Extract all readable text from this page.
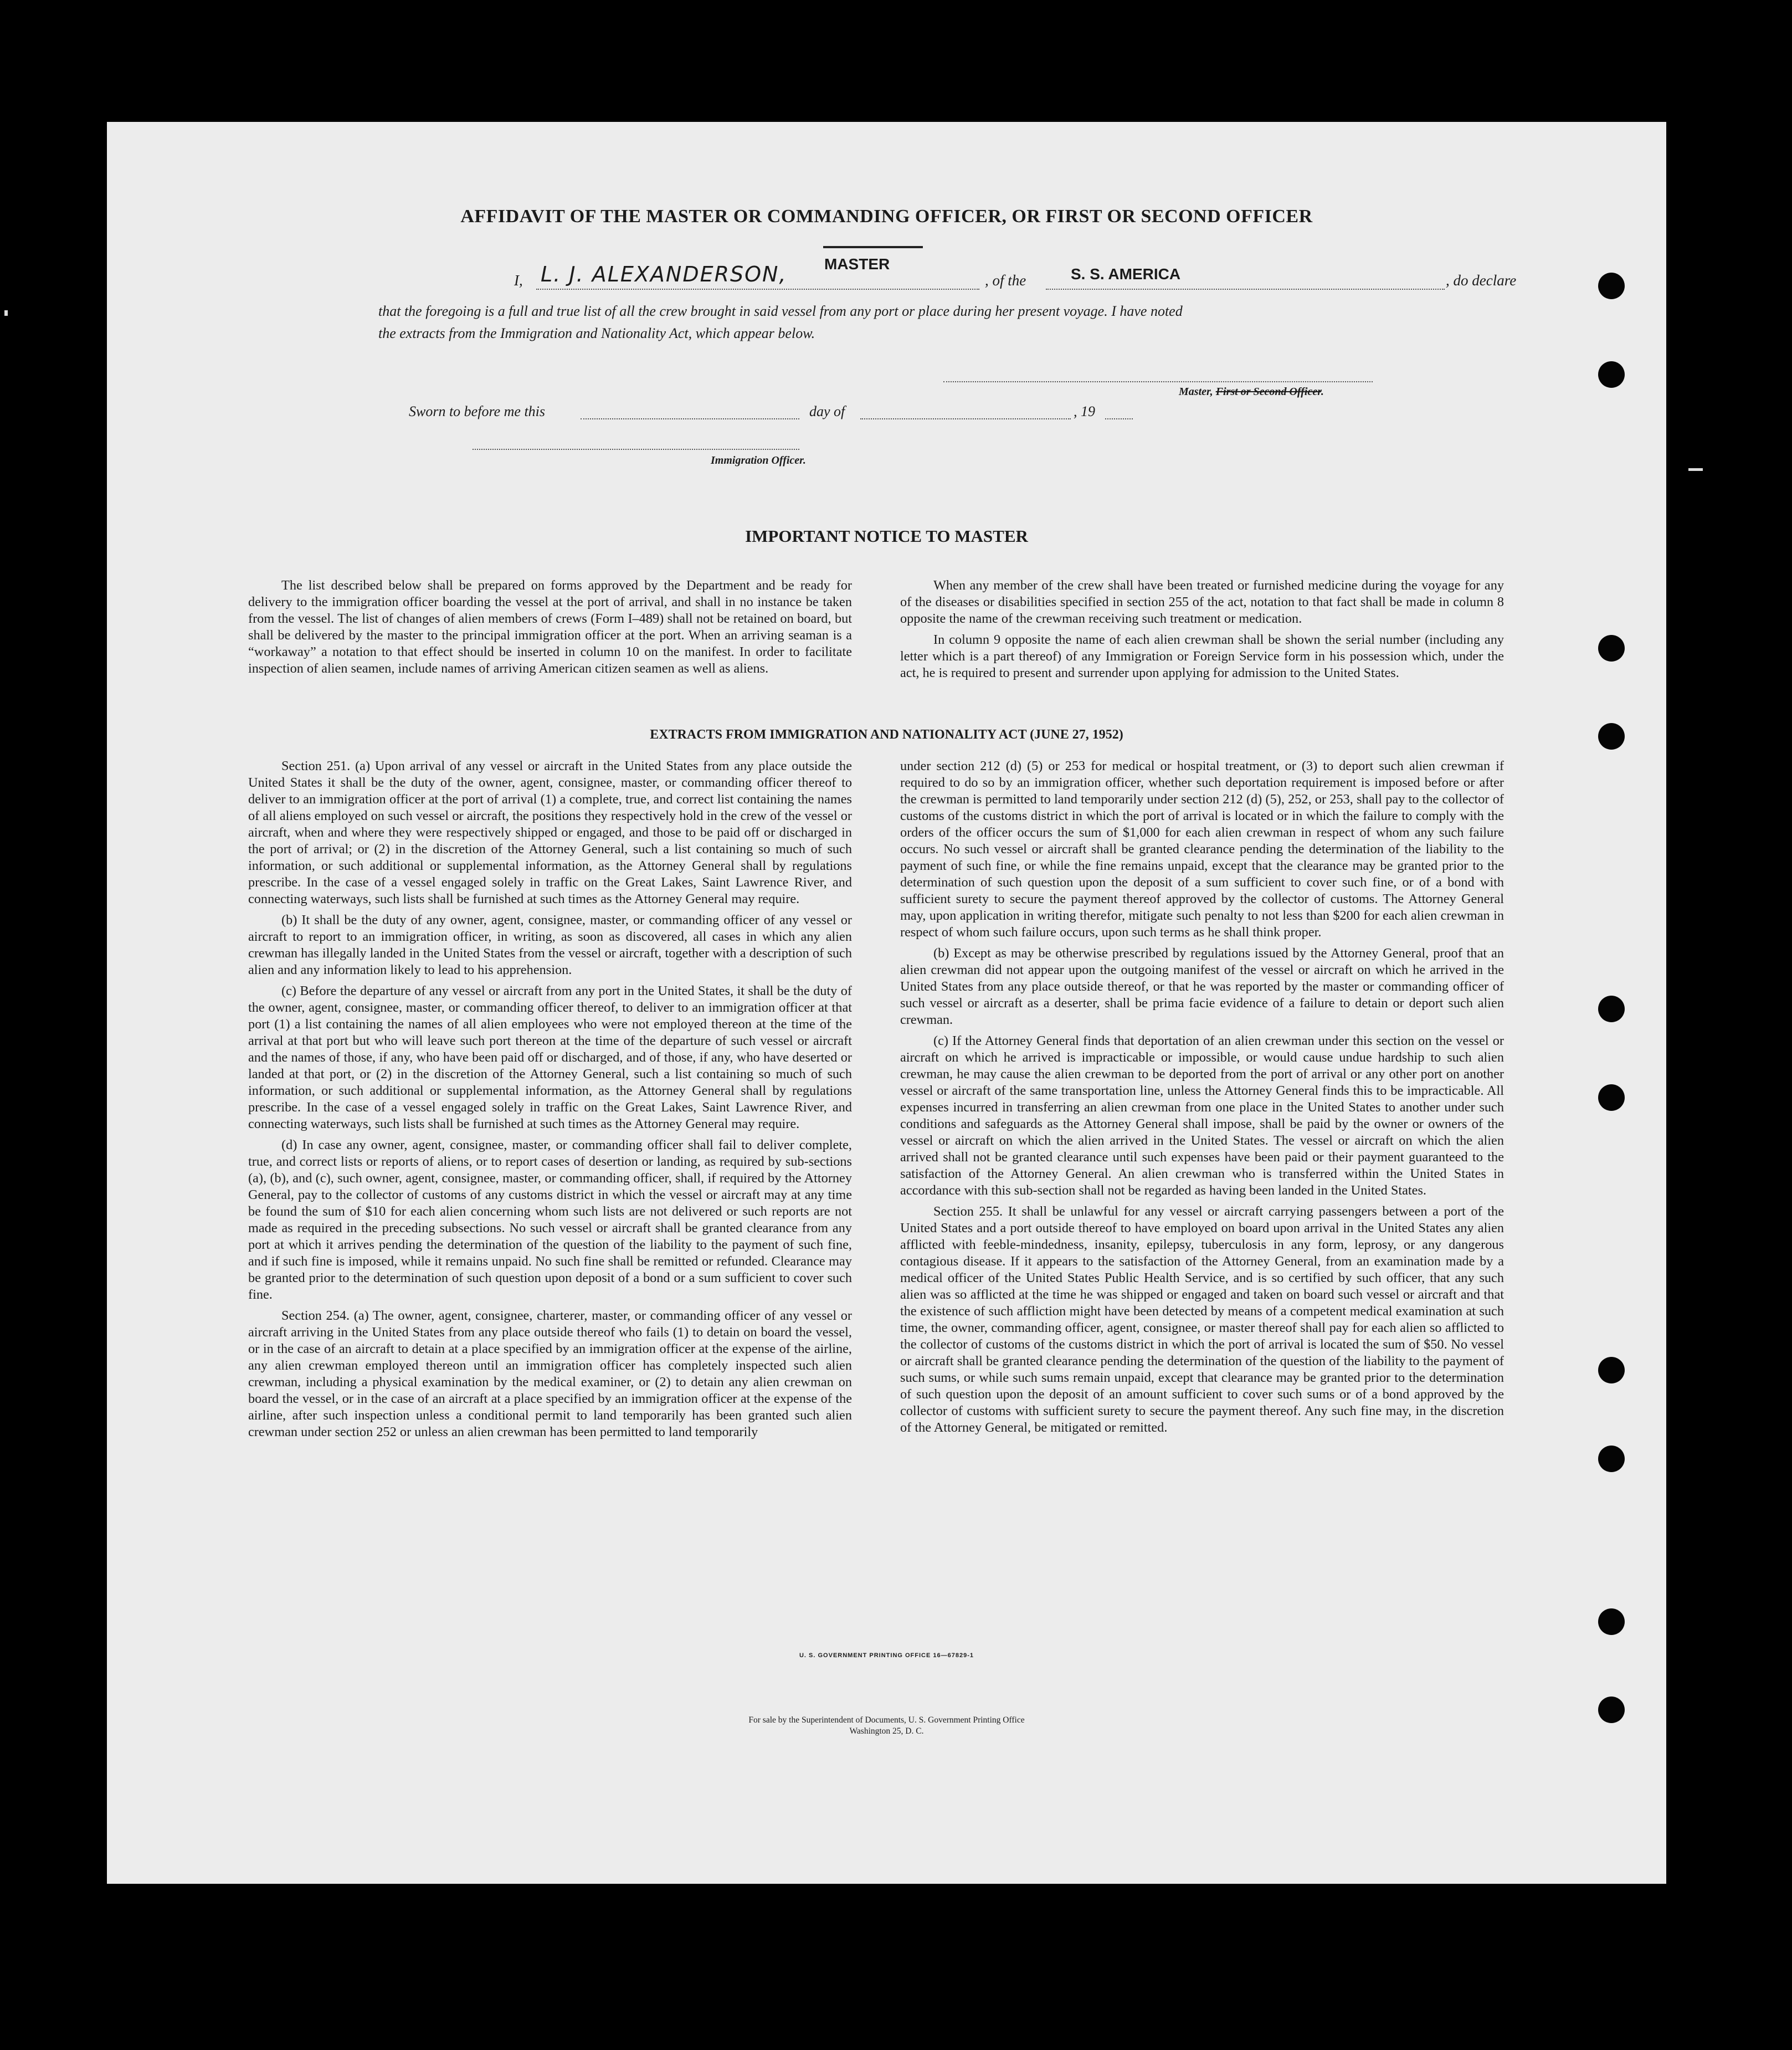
AFFIDAVIT OF THE MASTER OR COMMANDING OFFICER, OR FIRST OR SECOND OFFICER
I, L. J. ALEXANDERSON, MASTER
, of the	S. S. AMERICA	, do declare
that the foregoing is a full and true list of all the crew brought in said vessel from any port or place during her present voyage. I have noted
the extracts from the Immigration and Nationality Act, which appear below.
Master, First or Second Officer.
Sworn to before me this	day of	, 19
Immigration Officer.
IMPORTANT NOTICE TO MASTER

The list described below shall be prepared on forms approved by the Department and be ready for delivery to the immigration officer boarding the vessel at the port of arrival, and shall in no instance be taken from the vessel. The list of changes of alien members of crews (Form I–489) shall not be retained on board, but shall be delivered by the master to the principal immigration officer at the port. When an arriving seaman is a “workaway” a notation to that effect should be inserted in column 10 on the manifest. In order to facilitate inspection of alien seamen, include names of arriving American citizen seamen as well as aliens.

When any member of the crew shall have been treated or furnished medicine during the voyage for any of the diseases or disabilities specified in section 255 of the act, notation to that fact shall be made in column 8 opposite the name of the crewman receiving such treatment or medication.

In column 9 opposite the name of each alien crewman shall be shown the serial number (including any letter which is a part thereof) of any Immigration or Foreign Service form in his possession which, under the act, he is required to present and surrender upon applying for admission to the United States.

EXTRACTS FROM IMMIGRATION AND NATIONALITY ACT (JUNE 27, 1952)

Section 251. (a) Upon arrival of any vessel or aircraft in the United States from any place outside the United States it shall be the duty of the owner, agent, consignee, master, or commanding officer thereof to deliver to an immigration officer at the port of arrival (1) a complete, true, and correct list containing the names of all aliens employed on such vessel or aircraft, the positions they respectively hold in the crew of the vessel or aircraft, when and where they were respectively shipped or engaged, and those to be paid off or discharged in the port of arrival; or (2) in the discretion of the Attorney General, such a list containing so much of such information, or such additional or supplemental information, as the Attorney General shall by regulations prescribe. In the case of a vessel engaged solely in traffic on the Great Lakes, Saint Lawrence River, and connecting waterways, such lists shall be furnished at such times as the Attorney General may require.

(b) It shall be the duty of any owner, agent, consignee, master, or commanding officer of any vessel or aircraft to report to an immigration officer, in writing, as soon as discovered, all cases in which any alien crewman has illegally landed in the United States from the vessel or aircraft, together with a description of such alien and any information likely to lead to his apprehension.

(c) Before the departure of any vessel or aircraft from any port in the United States, it shall be the duty of the owner, agent, consignee, master, or commanding officer thereof, to deliver to an immigration officer at that port (1) a list containing the names of all alien employees who were not employed thereon at the time of the arrival at that port but who will leave such port thereon at the time of the departure of such vessel or aircraft and the names of those, if any, who have been paid off or discharged, and of those, if any, who have deserted or landed at that port, or (2) in the discretion of the Attorney General, such a list containing so much of such information, or such additional or supplemental information, as the Attorney General shall by regulations prescribe. In the case of a vessel engaged solely in traffic on the Great Lakes, Saint Lawrence River, and connecting waterways, such lists shall be furnished at such times as the Attorney General may require.

(d) In case any owner, agent, consignee, master, or commanding officer shall fail to deliver complete, true, and correct lists or reports of aliens, or to report cases of desertion or landing, as required by sub-sections (a), (b), and (c), such owner, agent, consignee, master, or commanding officer, shall, if required by the Attorney General, pay to the collector of customs of any customs district in which the vessel or aircraft may at any time be found the sum of $10 for each alien concerning whom such lists are not delivered or such reports are not made as required in the preceding subsections. No such vessel or aircraft shall be granted clearance from any port at which it arrives pending the determination of the question of the liability to the payment of such fine, and if such fine is imposed, while it remains unpaid. No such fine shall be remitted or refunded. Clearance may be granted prior to the determination of such question upon deposit of a bond or a sum sufficient to cover such fine.

Section 254. (a) The owner, agent, consignee, charterer, master, or commanding officer of any vessel or aircraft arriving in the United States from any place outside thereof who fails (1) to detain on board the vessel, or in the case of an aircraft to detain at a place specified by an immigration officer at the expense of the airline, any alien crewman employed thereon until an immigration officer has completely inspected such alien crewman, including a physical examination by the medical examiner, or (2) to detain any alien crewman on board the vessel, or in the case of an aircraft at a place specified by an immigration officer at the expense of the airline, after such inspection unless a conditional permit to land temporarily has been granted such alien crewman under section 252 or unless an alien crewman has been permitted to land temporarily

under section 212 (d) (5) or 253 for medical or hospital treatment, or (3) to deport such alien crewman if required to do so by an immigration officer, whether such deportation requirement is imposed before or after the crewman is permitted to land temporarily under section 212 (d) (5), 252, or 253, shall pay to the collector of customs of the customs district in which the port of arrival is located or in which the failure to comply with the orders of the officer occurs the sum of $1,000 for each alien crewman in respect of whom any such failure occurs. No such vessel or aircraft shall be granted clearance pending the determination of the liability to the payment of such fine, or while the fine remains unpaid, except that the clearance may be granted prior to the determination of such question upon the deposit of a sum sufficient to cover such fine, or of a bond with sufficient surety to secure the payment thereof approved by the collector of customs. The Attorney General may, upon application in writing therefor, mitigate such penalty to not less than $200 for each alien crewman in respect of whom such failure occurs, upon such terms as he shall think proper.

(b) Except as may be otherwise prescribed by regulations issued by the Attorney General, proof that an alien crewman did not appear upon the outgoing manifest of the vessel or aircraft on which he arrived in the United States from any place outside thereof, or that he was reported by the master or commanding officer of such vessel or aircraft as a deserter, shall be prima facie evidence of a failure to detain or deport such alien crewman.

(c) If the Attorney General finds that deportation of an alien crewman under this section on the vessel or aircraft on which he arrived is impracticable or impossible, or would cause undue hardship to such alien crewman, he may cause the alien crewman to be deported from the port of arrival or any other port on another vessel or aircraft of the same transportation line, unless the Attorney General finds this to be impracticable. All expenses incurred in transferring an alien crewman from one place in the United States to another under such conditions and safeguards as the Attorney General shall impose, shall be paid by the owner or owners of the vessel or aircraft on which the alien arrived in the United States. The vessel or aircraft on which the alien arrived shall not be granted clearance until such expenses have been paid or their payment guaranteed to the satisfaction of the Attorney General. An alien crewman who is transferred within the United States in accordance with this sub-section shall not be regarded as having been landed in the United States.

Section 255. It shall be unlawful for any vessel or aircraft carrying passengers between a port of the United States and a port outside thereof to have employed on board upon arrival in the United States any alien afflicted with feeble-mindedness, insanity, epilepsy, tuberculosis in any form, leprosy, or any dangerous contagious disease. If it appears to the satisfaction of the Attorney General, from an examination made by a medical officer of the United States Public Health Service, and is so certified by such officer, that any such alien was so afflicted at the time he was shipped or engaged and taken on board such vessel or aircraft and that the existence of such affliction might have been detected by means of a competent medical examination at such time, the owner, commanding officer, agent, consignee, or master thereof shall pay for each alien so afflicted to the collector of customs of the customs district in which the port of arrival is located the sum of $50. No vessel or aircraft shall be granted clearance pending the determination of the question of the liability to the payment of such sums, or while such sums remain unpaid, except that clearance may be granted prior to the determination of such question upon the deposit of an amount sufficient to cover such sums or of a bond approved by the collector of customs with sufficient surety to secure the payment thereof. Any such fine may, in the discretion of the Attorney General, be mitigated or remitted.

U. S. GOVERNMENT PRINTING OFFICE 16—67829-1
For sale by the Superintendent of Documents, U. S. Government Printing Office
Washington 25, D. C.
